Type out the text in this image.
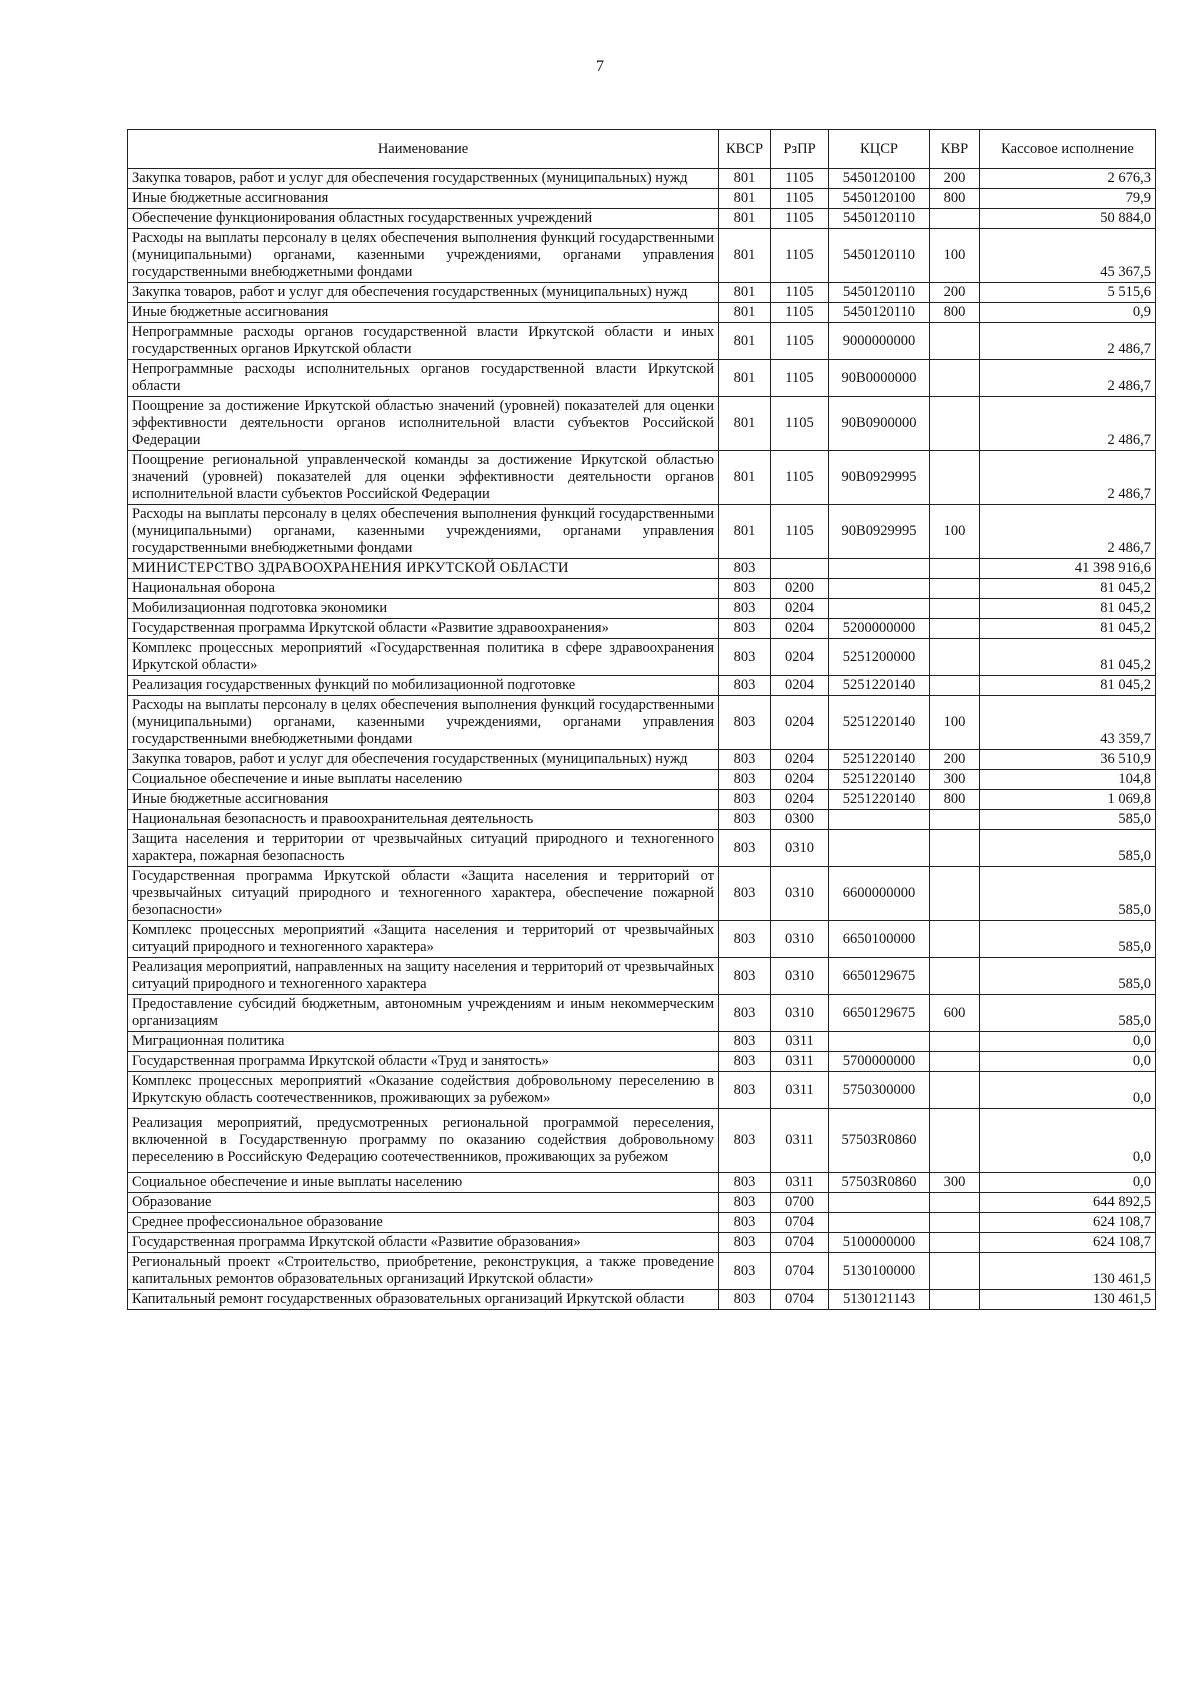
7
Наименование	КВСР	РзПР	КЦСР	КВР	Кассовое исполнение
Закупка товаров, работ и услуг для обеспечения государственных (муниципальных) нужд	801	1105	5450120100	200	2 676,3
Иные бюджетные ассигнования	801	1105	5450120100	800	79,9
Обеспечение функционирования областных государственных учреждений	801	1105	5450120110		50 884,0
Расходы на выплаты персоналу в целях обеспечения выполнения функций государственными (муниципальными) органами, казенными учреждениями, органами управления государственными внебюджетными фондами	801	1105	5450120110	100	45 367,5
Закупка товаров, работ и услуг для обеспечения государственных (муниципальных) нужд	801	1105	5450120110	200	5 515,6
Иные бюджетные ассигнования	801	1105	5450120110	800	0,9
Непрограммные расходы органов государственной власти Иркутской области и иных государственных органов Иркутской области	801	1105	9000000000		2 486,7
Непрограммные расходы исполнительных органов государственной власти Иркутской области	801	1105	90В0000000		2 486,7
Поощрение за достижение Иркутской областью значений (уровней) показателей для оценки эффективности деятельности органов исполнительной власти субъектов Российской Федерации	801	1105	90В0900000		2 486,7
Поощрение региональной управленческой команды за достижение Иркутской областью значений (уровней) показателей для оценки эффективности деятельности органов исполнительной власти субъектов Российской Федерации	801	1105	90В0929995		2 486,7
Расходы на выплаты персоналу в целях обеспечения выполнения функций государственными (муниципальными) органами, казенными учреждениями, органами управления государственными внебюджетными фондами	801	1105	90В0929995	100	2 486,7
МИНИСТЕРСТВО ЗДРАВООХРАНЕНИЯ ИРКУТСКОЙ ОБЛАСТИ	803				41 398 916,6
Национальная оборона	803	0200			81 045,2
Мобилизационная подготовка экономики	803	0204			81 045,2
Государственная программа Иркутской области «Развитие здравоохранения»	803	0204	5200000000		81 045,2
Комплекс процессных мероприятий «Государственная политика в сфере здравоохранения Иркутской области»	803	0204	5251200000		81 045,2
Реализация государственных функций по мобилизационной подготовке	803	0204	5251220140		81 045,2
Расходы на выплаты персоналу в целях обеспечения выполнения функций государственными (муниципальными) органами, казенными учреждениями, органами управления государственными внебюджетными фондами	803	0204	5251220140	100	43 359,7
Закупка товаров, работ и услуг для обеспечения государственных (муниципальных) нужд	803	0204	5251220140	200	36 510,9
Социальное обеспечение и иные выплаты населению	803	0204	5251220140	300	104,8
Иные бюджетные ассигнования	803	0204	5251220140	800	1 069,8
Национальная безопасность и правоохранительная деятельность	803	0300			585,0
Защита населения и территории от чрезвычайных ситуаций природного и техногенного характера, пожарная безопасность	803	0310			585,0
Государственная программа Иркутской области «Защита населения и территорий от чрезвычайных ситуаций природного и техногенного характера, обеспечение пожарной безопасности»	803	0310	6600000000		585,0
Комплекс процессных мероприятий «Защита населения и территорий от чрезвычайных ситуаций природного и техногенного характера»	803	0310	6650100000		585,0
Реализация мероприятий, направленных на защиту населения и территорий от чрезвычайных ситуаций природного и техногенного характера	803	0310	6650129675		585,0
Предоставление субсидий бюджетным, автономным учреждениям и иным некоммерческим организациям	803	0310	6650129675	600	585,0
Миграционная политика	803	0311			0,0
Государственная программа Иркутской области «Труд и занятость»	803	0311	5700000000		0,0
Комплекс процессных мероприятий «Оказание содействия добровольному переселению в Иркутскую область соотечественников, проживающих за рубежом»	803	0311	5750300000		0,0
Реализация мероприятий, предусмотренных региональной программой переселения, включенной в Государственную программу по оказанию содействия добровольному переселению в Российскую Федерацию соотечественников, проживающих за рубежом	803	0311	57503R0860		0,0
Социальное обеспечение и иные выплаты населению	803	0311	57503R0860	300	0,0
Образование	803	0700			644 892,5
Среднее профессиональное образование	803	0704			624 108,7
Государственная программа Иркутской области «Развитие образования»	803	0704	5100000000		624 108,7
Региональный проект «Строительство, приобретение, реконструкция, а также проведение капитальных ремонтов образовательных организаций Иркутской области»	803	0704	5130100000		130 461,5
Капитальный ремонт государственных образовательных организаций Иркутской области	803	0704	5130121143		130 461,5
